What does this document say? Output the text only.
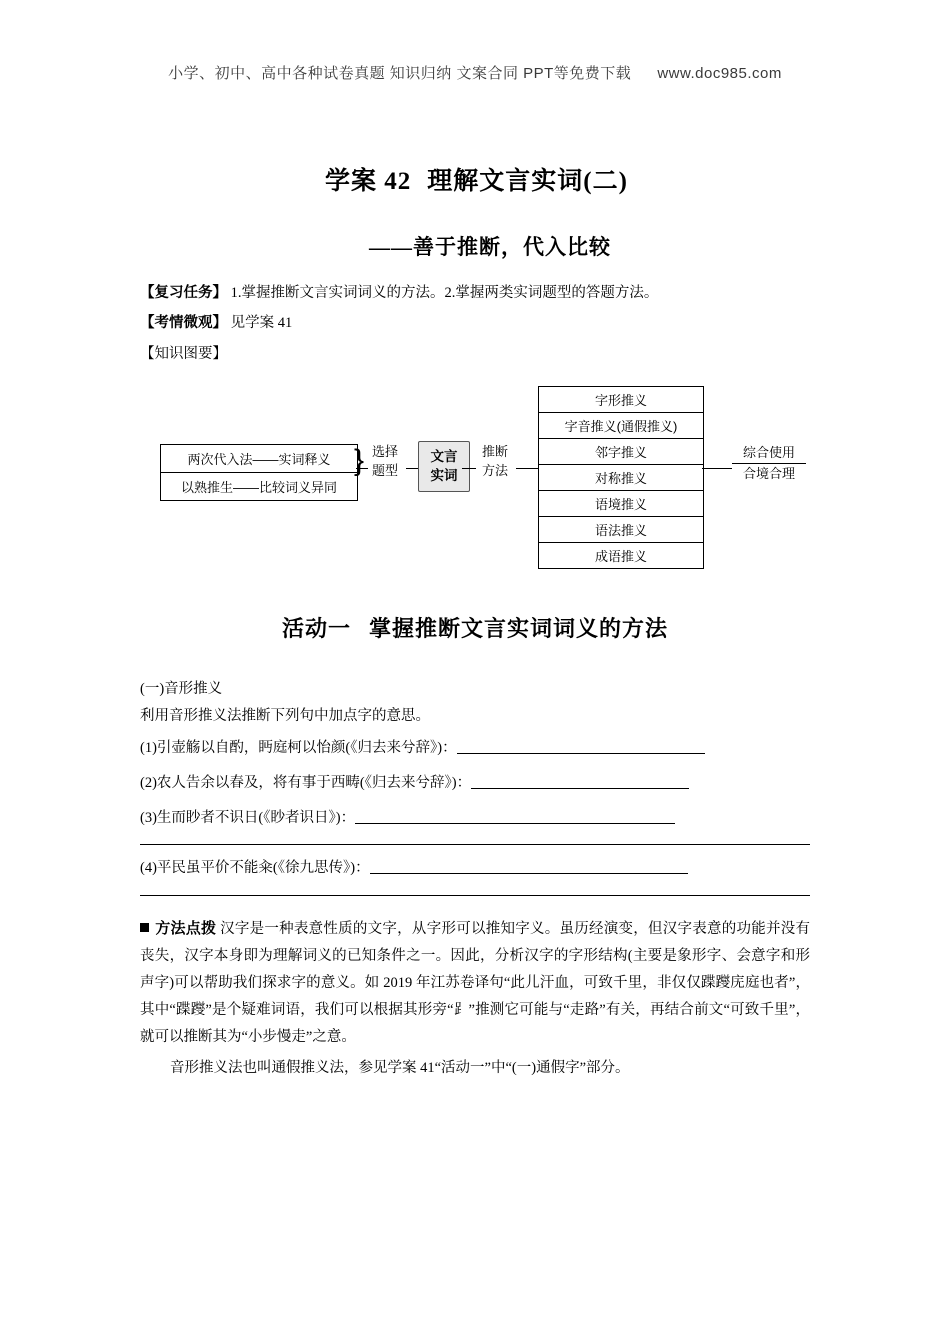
小学、初中、高中各种试卷真题 知识归纳 文案合同 PPT等免费下载 www.doc985.com
学案 42 理解文言实词(二)
——善于推断，代入比较
【复习任务】 1.掌握推断文言实词词义的方法。2.掌握两类实词题型的答题方法。
【考情微观】 见学案 41
【知识图要】
两次代入法——实词释义
以熟推生——比较词义异同
} 选择
题型
文言
实词
推断
方法
字形推义
字音推义(通假推义)
邻字推义
对称推义
语境推义
语法推义
成语推义
综合使用
合境合理
活动一 掌握推断文言实词词义的方法
(一)音形推义
利用音形推义法推断下列句中加点字的意思。
(1)引壶觞以自酌，眄庭柯以怡颜(《归去来兮辞》)：
(2)农人告余以春及，将有事于西畴(《归去来兮辞》)：
(3)生而眇者不识日(《眇者识日》)：
(4)平民虽平价不能籴(《徐九思传》)：
方法点拨 汉字是一种表意性质的文字，从字形可以推知字义。虽历经演变，但汉字表意的功能并没有丧失，汉字本身即为理解词义的已知条件之一。因此，分析汉字的字形结构(主要是象形字、会意字和形声字)可以帮助我们探求字的意义。如 2019 年江苏卷译句“此儿汗血，可致千里，非仅仅蹀躞庑庭也者”，其中“蹀躞”是个疑难词语，我们可以根据其形旁“⻊”推测它可能与“走路”有关，再结合前文“可致千里”，就可以推断其为“小步慢走”之意。
音形推义法也叫通假推义法，参见学案 41“活动一”中“(一)通假字”部分。
